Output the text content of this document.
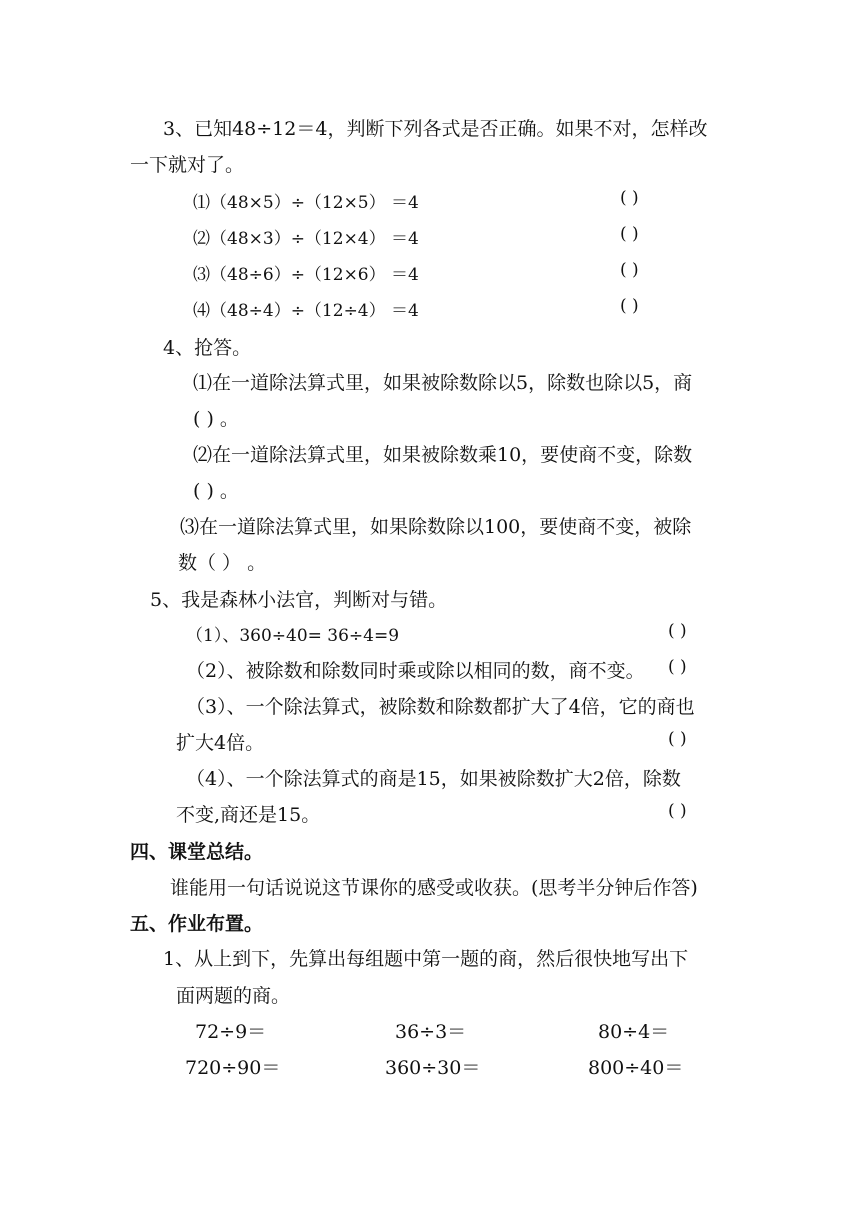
3、已知48÷12＝4，判断下列各式是否正确。如果不对，怎样改
一下就对了。
⑴（48×5）÷（12×5） ＝4	( )
⑵（48×3）÷（12×4） ＝4	( )
⑶（48÷6）÷（12×6） ＝4	( )
⑷（48÷4）÷（12÷4） ＝4	( )
4、抢答。
⑴在一道除法算式里，如果被除数除以5，除数也除以5，商
( ) 。
⑵在一道除法算式里，如果被除数乘10，要使商不变，除数
( ) 。
⑶在一道除法算式里，如果除数除以100，要使商不变，被除
数（ ） 。
5、我是森林小法官，判断对与错。
（1）、360÷40= 36÷4=9	( )
（2）、被除数和除数同时乘或除以相同的数，商不变。 ( )
（3）、一个除法算式，被除数和除数都扩大了4倍，它的商也
扩大4倍。	( )
（4）、一个除法算式的商是15，如果被除数扩大2倍，除数
不变,商还是15。	( )
四、课堂总结。
谁能用一句话说说这节课你的感受或收获。(思考半分钟后作答)
五、作业布置。
1、从上到下，先算出每组题中第一题的商，然后很快地写出下
面两题的商。
72÷9＝	36÷3＝	80÷4＝
720÷90＝	360÷30＝	800÷40＝
